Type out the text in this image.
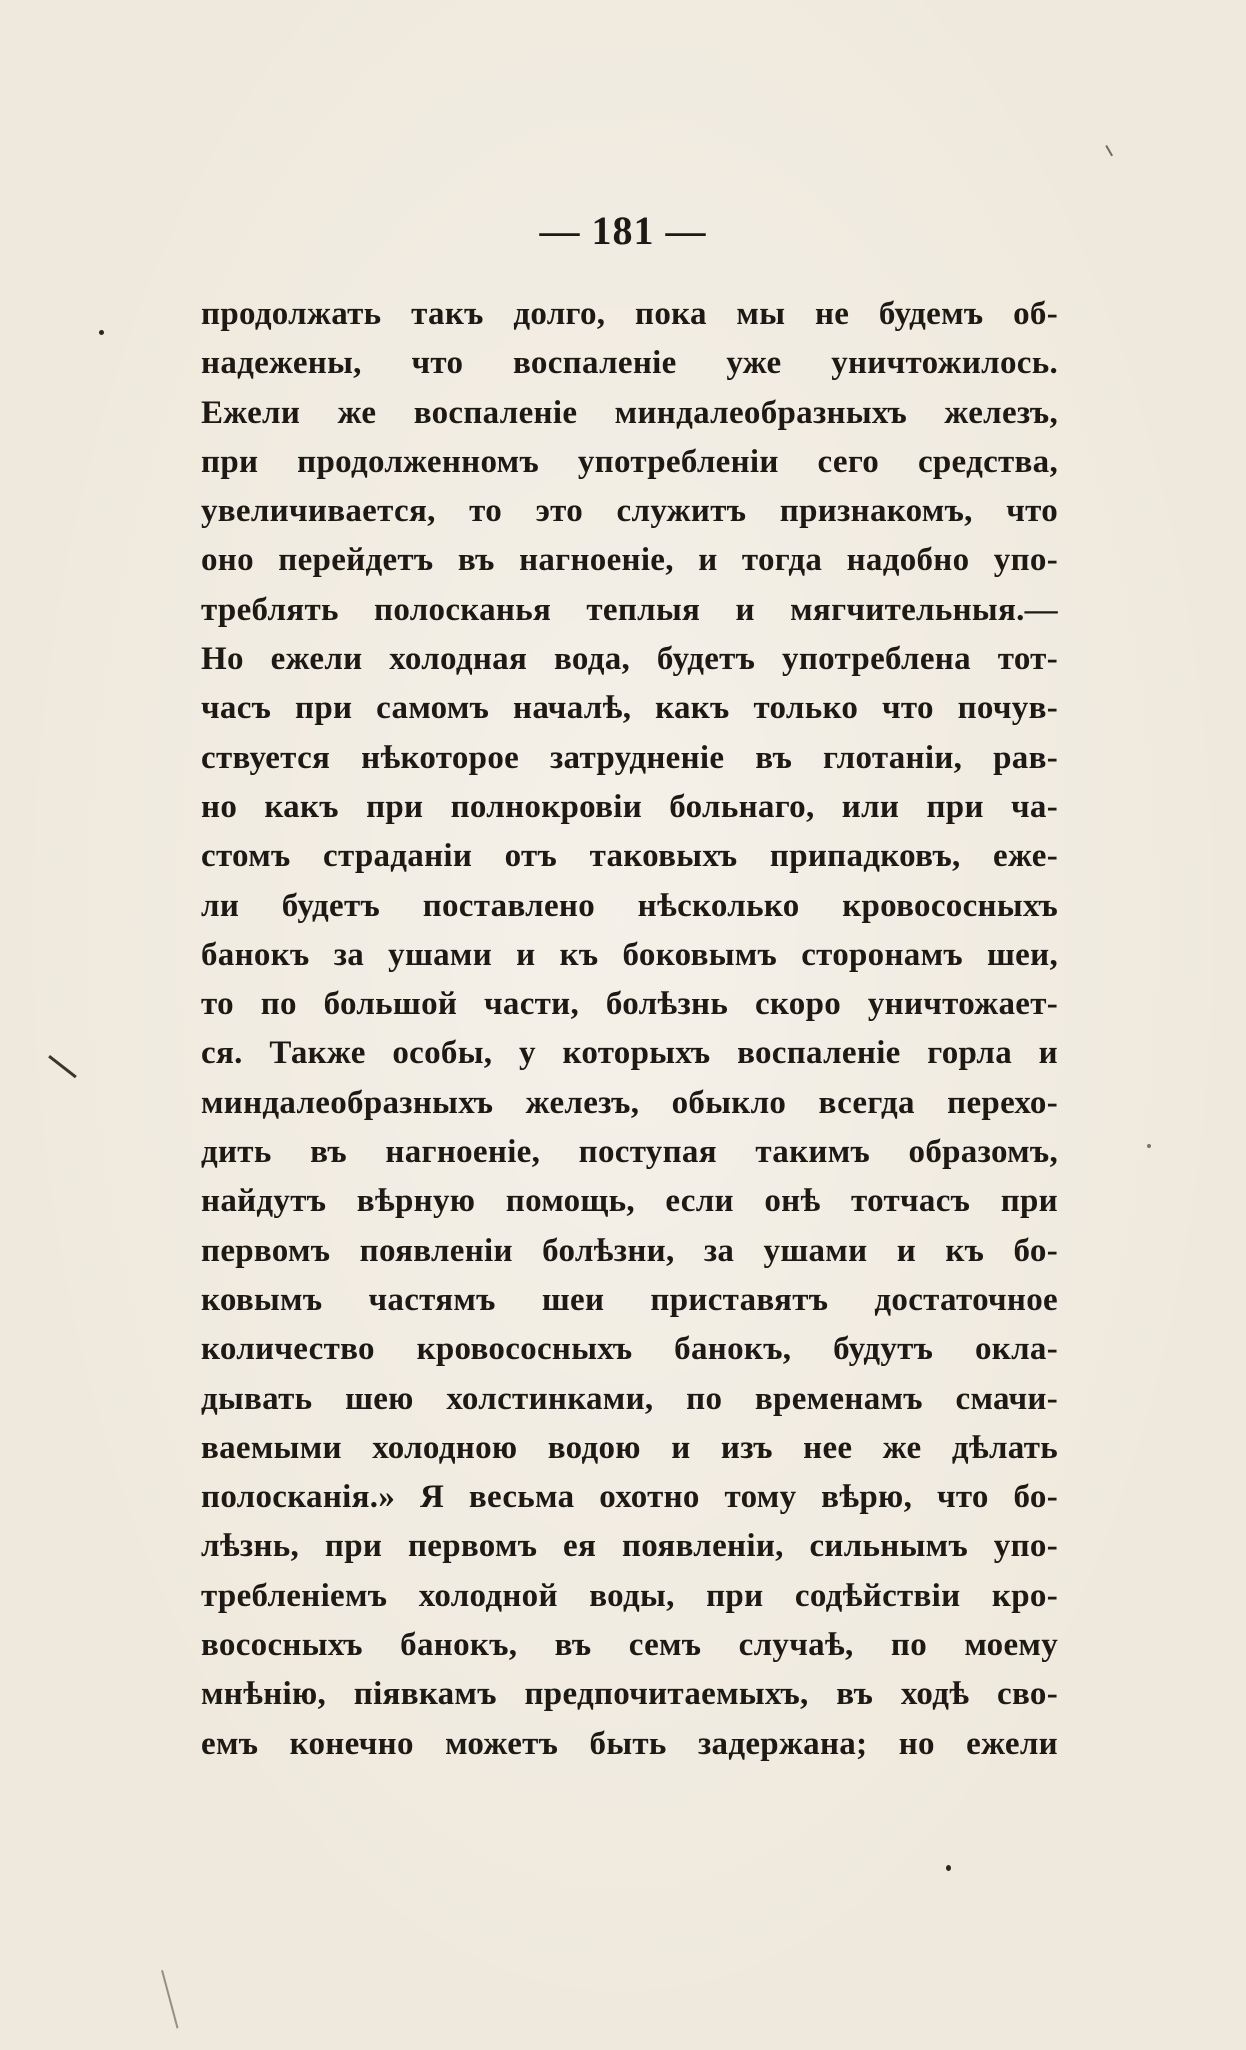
— 181 —
продолжать такъ долго, пока мы не будемъ об-
надежены, что воспаленіе уже уничтожилось.
Ежели же воспаленіе миндалеобразныхъ железъ,
при продолженномъ употребленіи сего средства,
увеличивается, то это служитъ признакомъ, что
оно перейдетъ въ нагноеніе, и тогда надобно упо-
треблять полосканья теплыя и мягчительныя.—
Но ежели холодная вода, будетъ употреблена тот-
часъ при самомъ началѣ, какъ только что почув-
ствуется нѣкоторое затрудненіе въ глотаніи, рав-
но какъ при полнокровіи больнаго, или при ча-
стомъ страданіи отъ таковыхъ припадковъ, еже-
ли будетъ поставлено нѣсколько кровососныхъ
банокъ за ушами и къ боковымъ сторонамъ шеи,
то по большой части, болѣзнь скоро уничтожает-
ся. Также особы, у которыхъ воспаленіе горла и
миндалеобразныхъ железъ, обыкло всегда перехо-
дить въ нагноеніе, поступая такимъ образомъ,
найдутъ вѣрную помощь, если онѣ тотчасъ при
первомъ появленіи болѣзни, за ушами и къ бо-
ковымъ частямъ шеи приставятъ достаточное
количество кровососныхъ банокъ, будутъ окла-
дывать шею холстинками, по временамъ смачи-
ваемыми холодною водою и изъ нее же дѣлать
полосканія.» Я весьма охотно тому вѣрю, что бо-
лѣзнь, при первомъ ея появленіи, сильнымъ упо-
требленіемъ холодной воды, при содѣйствіи кро-
вососныхъ банокъ, въ семъ случаѣ, по моему
мнѣнію, піявкамъ предпочитаемыхъ, въ ходѣ сво-
емъ конечно можетъ быть задержана; но ежели
